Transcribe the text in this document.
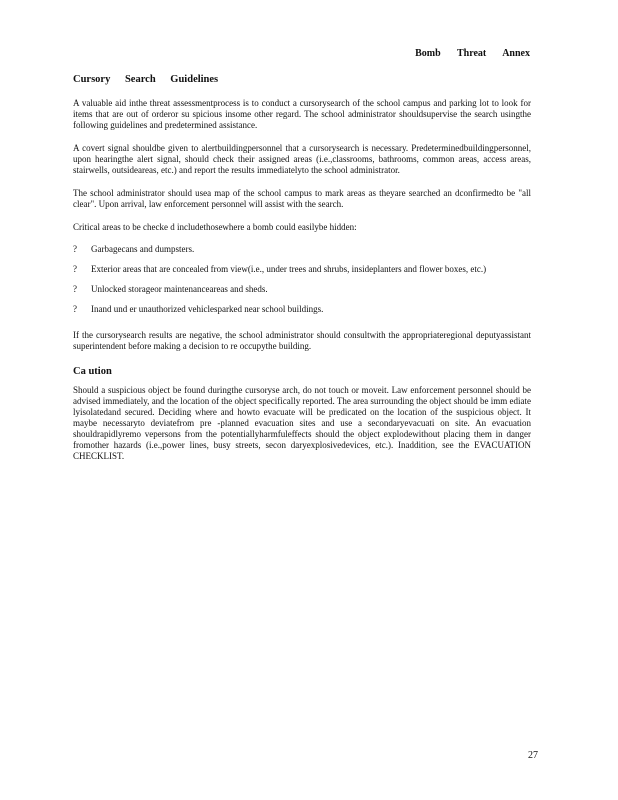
Bomb Threat Annex
Cursory Search Guidelines

A valuable aid inthe threat assessmentprocess is to conduct a cursorysearch of the school campus and parking lot to look for items that are out of orderor su spicious insome other regard. The school administrator shouldsupervise the search usingthe following guidelines and predetermined assistance.

A covert signal shouldbe given to alertbuildingpersonnel that a cursorysearch is necessary. Predeterminedbuildingpersonnel, upon hearingthe alert signal, should check their assigned areas (i.e.,classrooms, bathrooms, common areas, access areas, stairwells, outsideareas, etc.) and report the results immediatelyto the school administrator.

The school administrator should usea map of the school campus to mark areas as theyare searched an dconfirmedto be "all clear". Upon arrival, law enforcement personnel will assist with the search.

Critical areas to be checke d includethosewhere a bomb could easilybe hidden:

?	Garbagecans and dumpsters.
?	Exterior areas that are concealed from view(i.e., under trees and shrubs, insideplanters and flower boxes, etc.)
?	Unlocked storageor maintenanceareas and sheds.
?	Inand und er unauthorized vehiclesparked near school buildings.

If the cursorysearch results are negative, the school administrator should consultwith the appropriateregional deputyassistant superintendent before making a decision to re occupythe building.

Ca ution

Should a suspicious object be found duringthe cursoryse arch, do not touch or moveit. Law enforcement personnel should be advised immediately, and the location of the object specifically reported. The area surrounding the object should be imm ediate lyisolatedand secured. Deciding where and howto evacuate will be predicated on the location of the suspicious object. It maybe necessaryto deviatefrom pre -planned evacuation sites and use a secondaryevacuati on site. An evacuation shouldrapidlyremo vepersons from the potentiallyharmfuleffects should the object explodewithout placing them in danger fromother hazards (i.e.,power lines, busy streets, secon daryexplosivedevices, etc.). Inaddition, see the EVACUATION CHECKLIST.

27
